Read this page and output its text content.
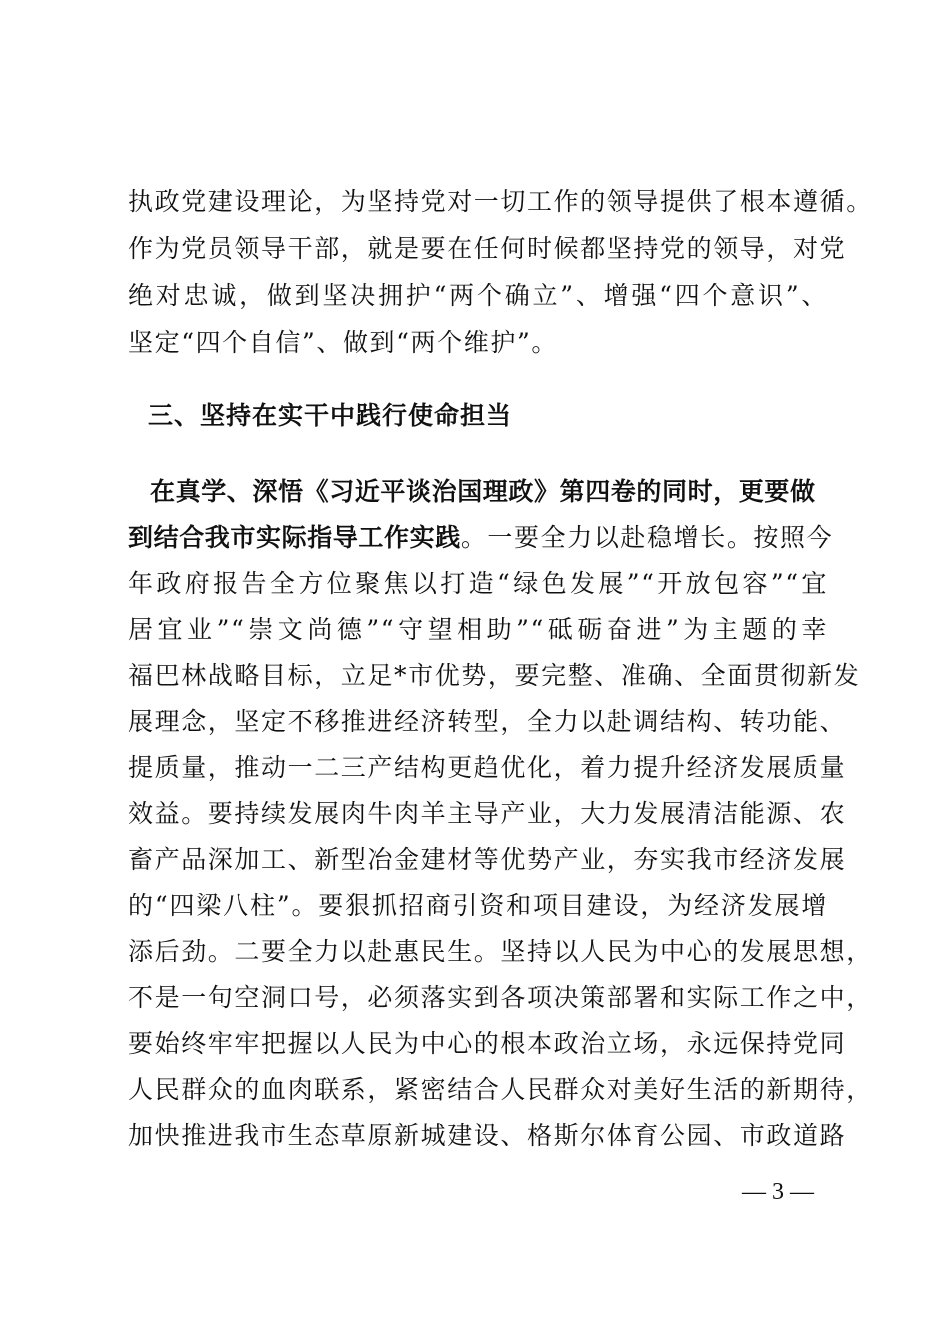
执政党建设理论，为坚持党对一切工作的领导提供了根本遵循。
作为党员领导干部，就是要在任何时候都坚持党的领导，对党
绝对忠诚，做到坚决拥护“两个确立”、增强“四个意识”、
坚定“四个自信”、做到“两个维护”。
三、坚持在实干中践行使命担当
在真学、深悟《习近平谈治国理政》第四卷的同时，更要做
到结合我市实际指导工作实践。一要全力以赴稳增长。按照今
年政府报告全方位聚焦以打造“绿色发展”“开放包容”“宜
居宜业”“崇文尚德”“守望相助”“砥砺奋进”为主题的幸
福巴林战略目标，立足*市优势，要完整、准确、全面贯彻新发
展理念，坚定不移推进经济转型，全力以赴调结构、转功能、
提质量，推动一二三产结构更趋优化，着力提升经济发展质量
效益。要持续发展肉牛肉羊主导产业，大力发展清洁能源、农
畜产品深加工、新型冶金建材等优势产业，夯实我市经济发展
的“四梁八柱”。要狠抓招商引资和项目建设，为经济发展增
添后劲。二要全力以赴惠民生。坚持以人民为中心的发展思想，
不是一句空洞口号，必须落实到各项决策部署和实际工作之中，
要始终牢牢把握以人民为中心的根本政治立场，永远保持党同
人民群众的血肉联系，紧密结合人民群众对美好生活的新期待，
加快推进我市生态草原新城建设、格斯尔体育公园、市政道路
— 3 —
